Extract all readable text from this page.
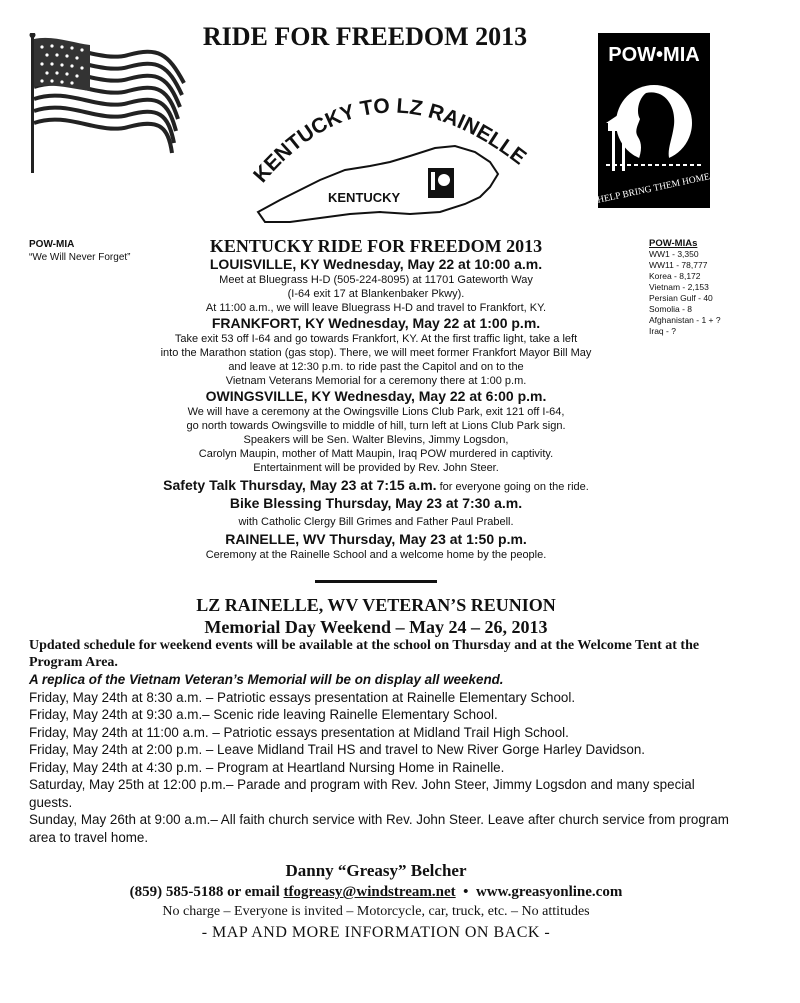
RIDE FOR FREEDOM 2013
KENTUCKY TO LZ RAINELLE
KENTUCKY
POW•MIA
HELP BRING THEM HOME
POW-MIA
“We Will Never Forget”
POW-MIAs
WW1 - 3,350
WW11 - 78,777
Korea - 8,172
Vietnam - 2,153
Persian Gulf - 40
Somolia - 8
Afghanistan - 1 + ?
Iraq - ?
KENTUCKY RIDE FOR FREEDOM 2013
LOUISVILLE, KY Wednesday, May 22 at 10:00 a.m.
Meet at Bluegrass H-D (505-224-8095) at 11701 Gateworth Way
(I-64 exit 17 at Blankenbaker Pkwy).
At 11:00 a.m., we will leave Bluegrass H-D and travel to Frankfort, KY.
FRANKFORT, KY Wednesday, May 22 at 1:00 p.m.
Take exit 53 off I-64 and go towards Frankfort, KY. At the first traffic light, take a left
into the Marathon station (gas stop). There, we will meet former Frankfort Mayor Bill May
and leave at 12:30 p.m. to ride past the Capitol and on to the
Vietnam Veterans Memorial for a ceremony there at 1:00 p.m.
OWINGSVILLE, KY Wednesday, May 22 at 6:00 p.m.
We will have a ceremony at the Owingsville Lions Club Park, exit 121 off I-64,
go north towards Owingsville to middle of hill, turn left at Lions Club Park sign.
Speakers will be Sen. Walter Blevins, Jimmy Logsdon,
Carolyn Maupin, mother of Matt Maupin, Iraq POW murdered in captivity.
Entertainment will be provided by Rev. John Steer.
Safety Talk Thursday, May 23 at 7:15 a.m. for everyone going on the ride.
Bike Blessing Thursday, May 23 at 7:30 a.m.
with Catholic Clergy Bill Grimes and Father Paul Prabell.
RAINELLE, WV Thursday, May 23 at 1:50 p.m.
Ceremony at the Rainelle School and a welcome home by the people.
LZ RAINELLE, WV VETERAN’S REUNION
Memorial Day Weekend – May 24 – 26, 2013
Updated schedule for weekend events will be available at the school on Thursday and at the Welcome Tent at the Program Area.
A replica of the Vietnam Veteran’s Memorial will be on display all weekend.
Friday, May 24th at 8:30 a.m. – Patriotic essays presentation at Rainelle Elementary School.
Friday, May 24th at 9:30 a.m.– Scenic ride leaving Rainelle Elementary School.
Friday, May 24th at 11:00 a.m. – Patriotic essays presentation at Midland Trail High School.
Friday, May 24th at 2:00 p.m. – Leave Midland Trail HS and travel to New River Gorge Harley Davidson.
Friday, May 24th at 4:30 p.m. – Program at Heartland Nursing Home in Rainelle.
Saturday, May 25th at 12:00 p.m.– Parade and program with Rev. John Steer, Jimmy Logsdon and many special guests.
Sunday, May 26th at 9:00 a.m.– All faith church service with Rev. John Steer. Leave after church service from program area to travel home.
Danny “Greasy” Belcher
(859) 585-5188 or email tfogreasy@windstream.net  •  www.greasyonline.com
No charge – Everyone is invited – Motorcycle, car, truck, etc. – No attitudes
- MAP AND MORE INFORMATION ON BACK -
